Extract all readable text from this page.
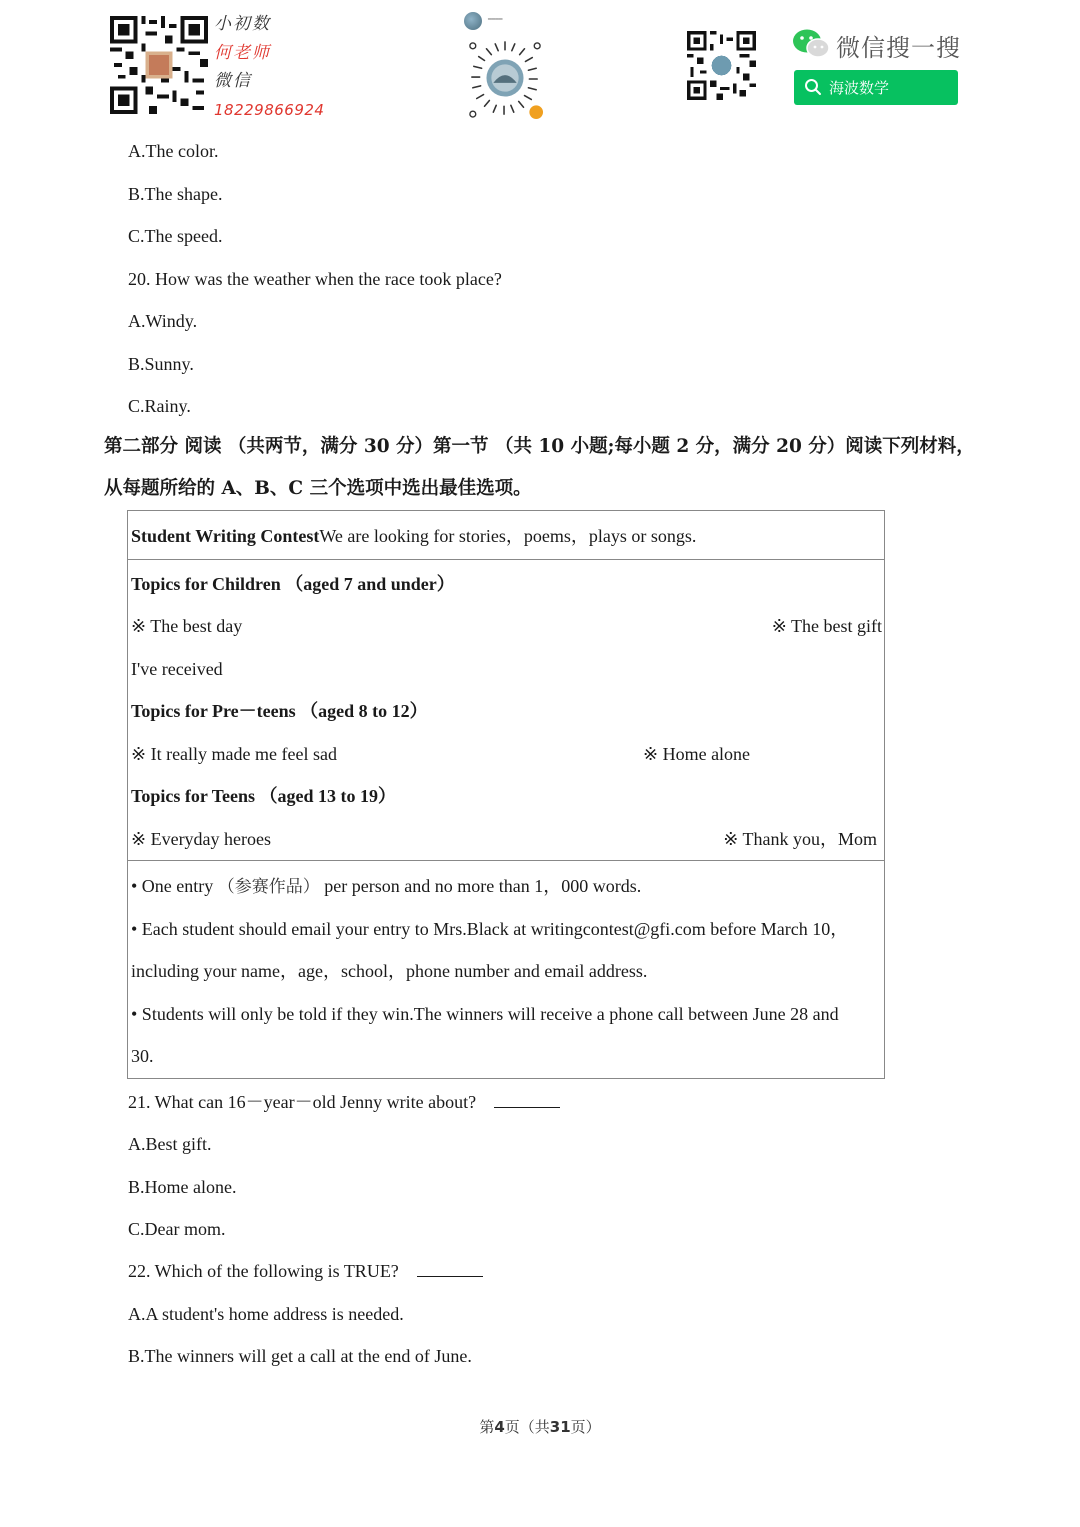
小初数
何老师
微信
18229866924
━━━━
微信搜一搜
海波数学
A.The color.
B.The shape.
C.The speed.
20. How was the weather when the race took place?
A.Windy.
B.Sunny.
C.Rainy.
第二部分 阅读 （共两节，满分 30 分）第一节 （共 10 小题;每小题 2 分，满分 20 分）阅读下列材料，
从每题所给的 A、B、C 三个选项中选出最佳选项。
Student Writing ContestWe are looking for stories，poems，plays or songs.
Topics for Children （aged 7 and under）
※ The best day	※ The best gift
I've received
Topics for Pre－teens （aged 8 to 12）
※ It really made me feel sad	※ Home alone
Topics for Teens （aged 13 to 19）
※ Everyday heroes	※ Thank you，Mom
• One entry （参赛作品） per person and no more than 1，000 words.
• Each student should email your entry to Mrs.Black at writingcontest@gfi.com before March 10，
including your name，age，school，phone number and email address.
• Students will only be told if they win.The winners will receive a phone call between June 28 and
30.
21. What can 16－year－old Jenny write about?
A.Best gift.
B.Home alone.
C.Dear mom.
22. Which of the following is TRUE?
A.A student's home address is needed.
B.The winners will get a call at the end of June.
第4页（共31页）
